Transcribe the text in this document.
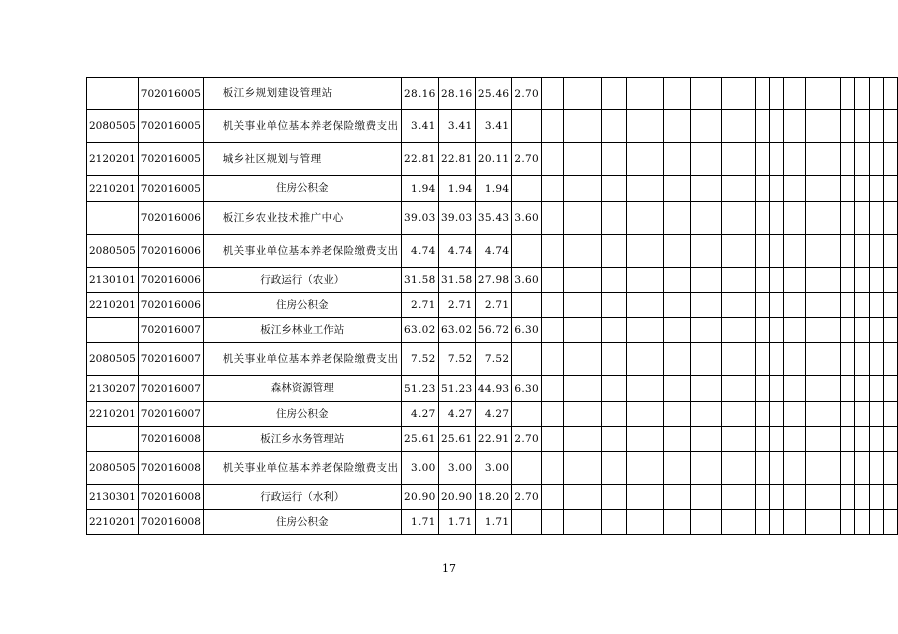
	702016005	板江乡规划建设管理站	28.16	28.16	25.46	2.70															
2080505	702016005	机关事业单位基本养老保险缴费支出	3.41	3.41	3.41																
2120201	702016005	城乡社区规划与管理	22.81	22.81	20.11	2.70															
2210201	702016005	住房公积金	1.94	1.94	1.94																
	702016006	板江乡农业技术推广中心	39.03	39.03	35.43	3.60															
2080505	702016006	机关事业单位基本养老保险缴费支出	4.74	4.74	4.74																
2130101	702016006	行政运行（农业）	31.58	31.58	27.98	3.60															
2210201	702016006	住房公积金	2.71	2.71	2.71																
	702016007	板江乡林业工作站	63.02	63.02	56.72	6.30															
2080505	702016007	机关事业单位基本养老保险缴费支出	7.52	7.52	7.52																
2130207	702016007	森林资源管理	51.23	51.23	44.93	6.30															
2210201	702016007	住房公积金	4.27	4.27	4.27																
	702016008	板江乡水务管理站	25.61	25.61	22.91	2.70															
2080505	702016008	机关事业单位基本养老保险缴费支出	3.00	3.00	3.00																
2130301	702016008	行政运行（水利）	20.90	20.90	18.20	2.70															
2210201	702016008	住房公积金	1.71	1.71	1.71																
17
